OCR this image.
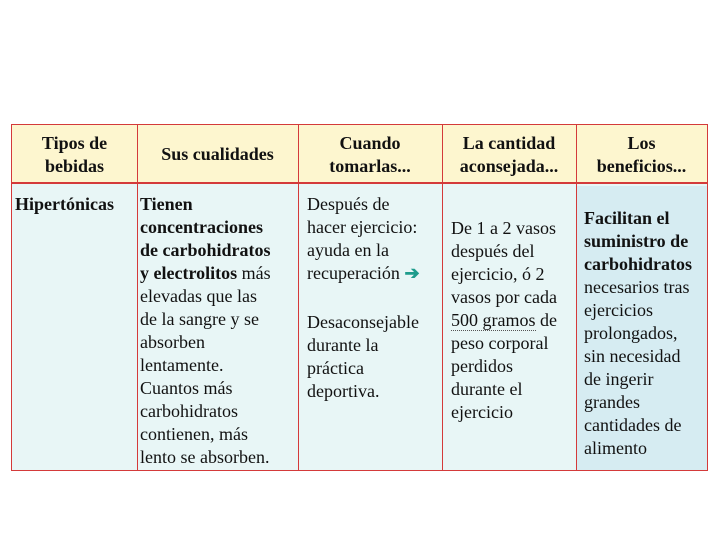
Tipos de
bebidas
Sus cualidades
Cuando
tomarlas...
La cantidad
aconsejada...
Los
beneficios...
Hipertónicas Tienen
concentraciones
de carbohidratos
y electrolitos más
elevadas que las
de la sangre y se
absorben
lentamente.
Cuantos más
carbohidratos
contienen, más
lento se absorben.
Después de
hacer ejercicio:
ayuda en la
recuperación ➔
Desaconsejable
durante la
práctica
deportiva.
De 1 a 2 vasos
después del
ejercicio, ó 2
vasos por cada
500 gramos de
peso corporal
perdidos
durante el
ejercicio
Facilitan el
suministro de
carbohidratos
necesarios tras
ejercicios
prolongados,
sin necesidad
de ingerir
grandes
cantidades de
alimento
